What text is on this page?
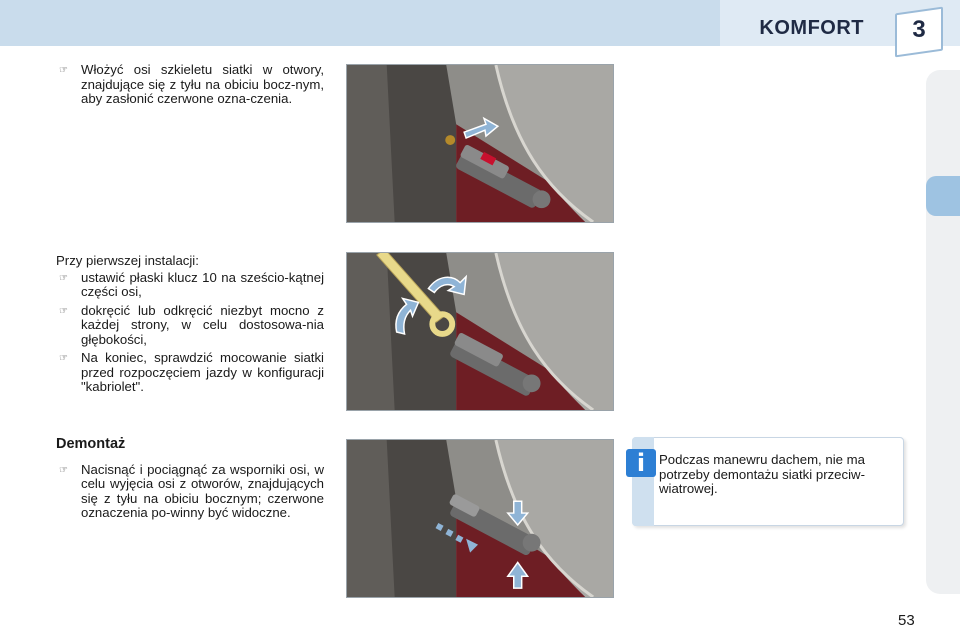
KOMFORT	3
☞ Włożyć osi szkieletu siatki w otwory, znajdujące się z tyłu na obiciu bocz-nym, aby zasłonić czerwone ozna-czenia.
Przy pierwszej instalacji:
☞ ustawić płaski klucz 10 na sześcio-kątnej części osi,
☞ dokręcić lub odkręcić niezbyt mocno z każdej strony, w celu dostosowa-nia głębokości,
☞ Na koniec, sprawdzić mocowanie siatki przed rozpoczęciem jazdy w konfiguracji "kabriolet".
Demontaż
☞ Nacisnąć i pociągnąć za wsporniki osi, w celu wyjęcia osi z otworów, znajdujących się z tyłu na obiciu bocznym; czerwone oznaczenia po-winny być widoczne.
i	Podczas manewru dachem, nie ma potrzeby demontażu siatki przeciw-wiatrowej.
53
